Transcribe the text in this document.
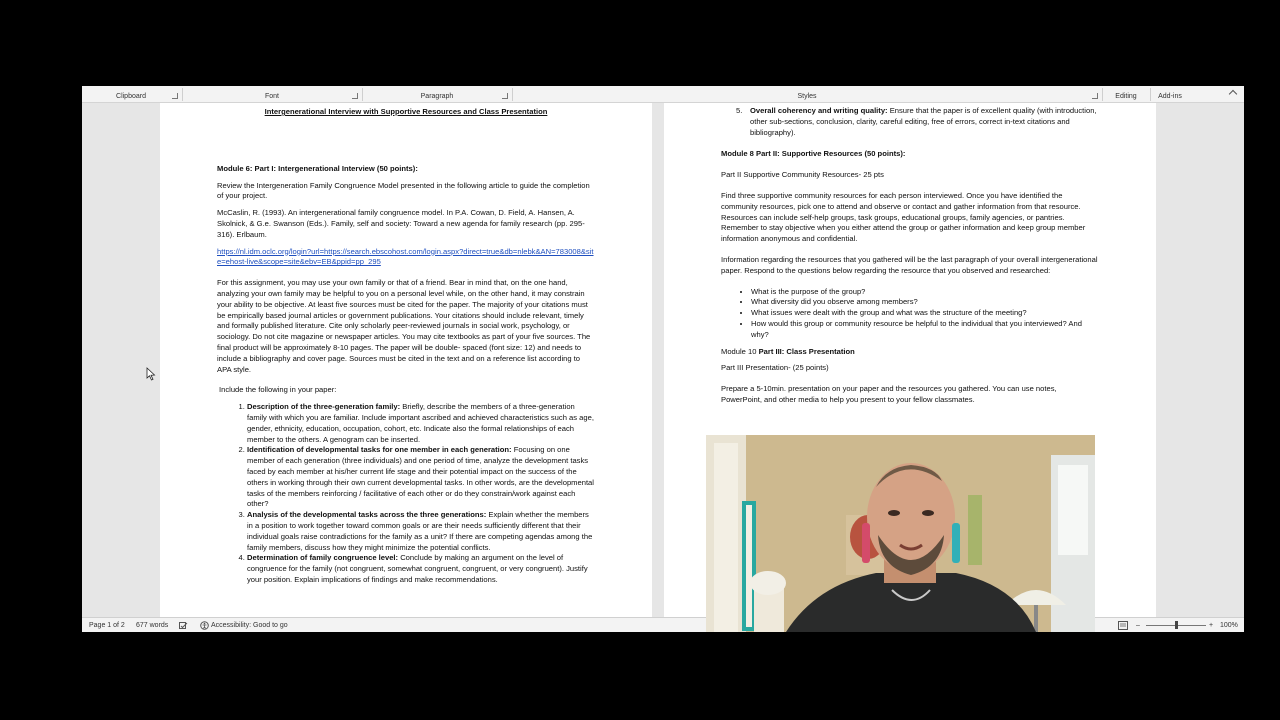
Clipboard	Font	Paragraph	Styles	Editing	Add-ins

Intergenerational Interview with Supportive Resources and Class Presentation

Module 6: Part I: Intergenerational Interview (50 points):

Review the Intergeneration Family Congruence Model presented in the following article to guide the completion of your project.

McCaslin, R. (1993). An intergenerational family congruence model. In P.A. Cowan, D. Field, A. Hansen, A. Skolnick, & G.e. Swanson (Eds.). Family, self and society: Toward a new agenda for family research (pp. 295-316). Erlbaum.

https://nl.idm.oclc.org/login?url=https://search.ebscohost.com/login.aspx?direct=true&db=nlebk&AN=783008&site=ehost-live&scope=site&ebv=EB&ppid=pp_295

For this assignment, you may use your own family or that of a friend. Bear in mind that, on the one hand, analyzing your own family may be helpful to you on a personal level while, on the other hand, it may constrain your ability to be objective. At least five sources must be cited for the paper. The majority of your citations must be empirically based journal articles or government publications. Your citations should include relevant, timely and formally published literature. Cite only scholarly peer-reviewed journals in social work, psychology, or sociology. Do not cite magazine or newspaper articles. You may cite textbooks as part of your five sources. The final product will be approximately 8-10 pages. The paper will be double- spaced (font size: 12) and needs to include a bibliography and cover page. Sources must be cited in the text and on a reference list according to APA style.

Include the following in your paper:

1. Description of the three-generation family: Briefly, describe the members of a three-generation family with which you are familiar. Include important ascribed and achieved characteristics such as age, gender, ethnicity, education, occupation, cohort, etc. Indicate also the formal relationships of each member to the others. A genogram can be inserted.
2. Identification of developmental tasks for one member in each generation: Focusing on one member of each generation (three individuals) and one period of time, analyze the development tasks faced by each member at his/her current life stage and their potential impact on the success of the others in working through their own current developmental tasks. In other words, are the developmental tasks of the members reinforcing / facilitative of each other or do they constrain/work against each other?
3. Analysis of the developmental tasks across the three generations: Explain whether the members in a position to work together toward common goals or are their needs sufficiently different that their individual goals raise contradictions for the family as a unit? If there are competing agendas among the family members, discuss how they might minimize the potential conflicts.
4. Determination of family congruence level: Conclude by making an argument on the level of congruence for the family (not congruent, somewhat congruent, congruent, or very congruent). Justify your position. Explain implications of findings and make recommendations.
5. Overall coherency and writing quality: Ensure that the paper is of excellent quality (with introduction, other sub-sections, conclusion, clarity, careful editing, free of errors, correct in-text citations and bibliography).

Module 8 Part II: Supportive Resources (50 points):

Part II Supportive Community Resources- 25 pts

Find three supportive community resources for each person interviewed. Once you have identified the community resources, pick one to attend and observe or contact and gather information from that resource. Resources can include self-help groups, task groups, educational groups, family agencies, or pantries. Remember to stay objective when you either attend the group or gather information and keep group member information anonymous and confidential.

Information regarding the resources that you gathered will be the last paragraph of your overall intergenerational paper. Respond to the questions below regarding the resource that you observed and researched:

• What is the purpose of the group?
• What diversity did you observe among members?
• What issues were dealt with the group and what was the structure of the meeting?
• How would this group or community resource be helpful to the individual that you interviewed? And why?

Module 10 Part III: Class Presentation

Part III Presentation- (25 points)

Prepare a 5-10min. presentation on your paper and the resources you gathered. You can use notes, PowerPoint, and other media to help you present to your fellow classmates.

Page 1 of 2 677 words	Accessibility: Good to go	–	+ 100%
